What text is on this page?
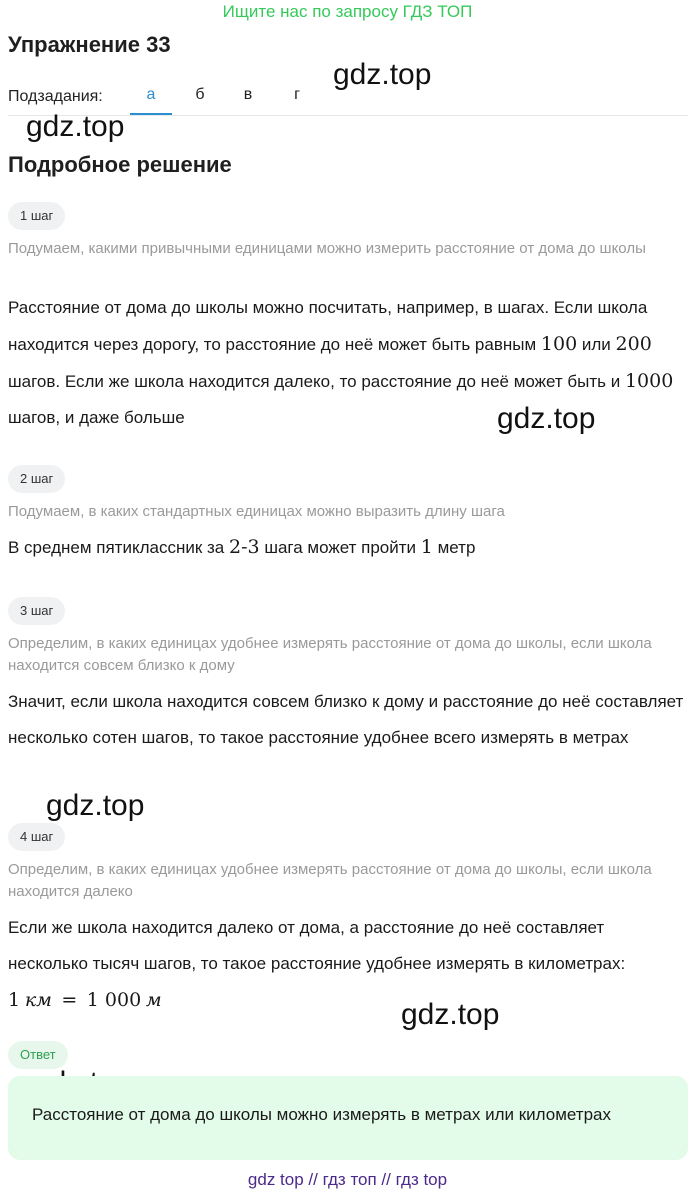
Ищите нас по запросу ГДЗ ТОП
Упражнение 33
Подзадания:	а	б	в	г
gdz.top
gdz.top
gdz.top
gdz.top
gdz.top
Подробное решение
1 шаг
Подумаем, какими привычными единицами можно измерить расстояние от дома до школы
Расстояние от дома до школы можно посчитать, например, в шагах. Если школа находится через дорогу, то расстояние до неё может быть равным 100 или 200 шагов. Если же школа находится далеко, то расстояние до неё может быть и 1000 шагов, и даже больше
2 шаг
Подумаем, в каких стандартных единицах можно выразить длину шага
В среднем пятиклассник за 2-3 шага может пройти 1 метр
3 шаг
Определим, в каких единицах удобнее измерять расстояние от дома до школы, если школа находится совсем близко к дому
Значит, если школа находится совсем близко к дому и расстояние до неё составляет несколько сотен шагов, то такое расстояние удобнее всего измерять в метрах
4 шаг
Определим, в каких единицах удобнее измерять расстояние от дома до школы, если школа находится далеко
Если же школа находится далеко от дома, а расстояние до неё составляет несколько тысяч шагов, то такое расстояние удобнее измерять в километрах:
1 км = 1 000 м
Ответ
Расстояние от дома до школы можно измерять в метрах или километрах
gdz top // гдз топ // гдз top
